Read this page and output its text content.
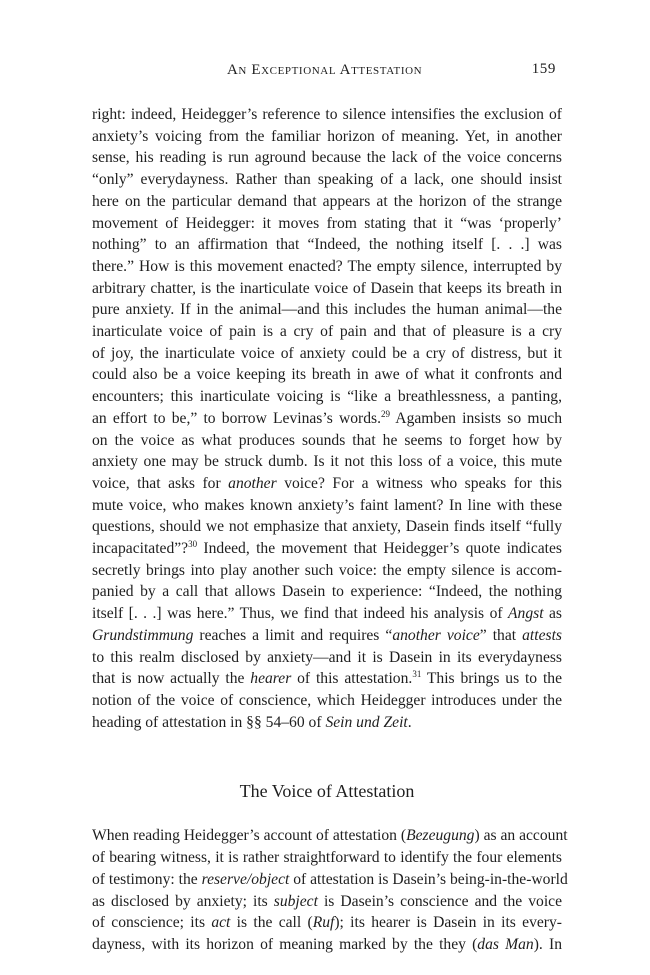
An Exceptional Attestation	159
right: indeed, Heidegger’s reference to silence intensifies the exclusion of
anxiety’s voicing from the familiar horizon of meaning. Yet, in another
sense, his reading is run aground because the lack of the voice concerns
“only” everydayness. Rather than speaking of a lack, one should insist
here on the particular demand that appears at the horizon of the strange
movement of Heidegger: it moves from stating that it “was ‘properly’
nothing” to an affirmation that “Indeed, the nothing itself [. . .] was
there.” How is this movement enacted? The empty silence, interrupted by
arbitrary chatter, is the inarticulate voice of Dasein that keeps its breath in
pure anxiety. If in the animal—and this includes the human animal—the
inarticulate voice of pain is a cry of pain and that of pleasure is a cry
of joy, the inarticulate voice of anxiety could be a cry of distress, but it
could also be a voice keeping its breath in awe of what it confronts and
encounters; this inarticulate voicing is “like a breathlessness, a panting,
an effort to be,” to borrow Levinas’s words.$^{29}$ Agamben insists so much
on the voice as what produces sounds that he seems to forget how by
anxiety one may be struck dumb. Is it not this loss of a voice, this mute
voice, that asks for another voice? For a witness who speaks for this
mute voice, who makes known anxiety’s faint lament? In line with these
questions, should we not emphasize that anxiety, Dasein finds itself “fully
incapacitated”?$^{30}$ Indeed, the movement that Heidegger’s quote indicates
secretly brings into play another such voice: the empty silence is accom-
panied by a call that allows Dasein to experience: “Indeed, the nothing
itself [. . .] was here.” Thus, we find that indeed his analysis of Angst as
Grundstimmung reaches a limit and requires “another voice” that attests
to this realm disclosed by anxiety—and it is Dasein in its everydayness
that is now actually the hearer of this attestation.$^{31}$ This brings us to the
notion of the voice of conscience, which Heidegger introduces under the
heading of attestation in §§ 54–60 of Sein und Zeit.
The Voice of Attestation
When reading Heidegger’s account of attestation (Bezeugung) as an account
of bearing witness, it is rather straightforward to identify the four elements
of testimony: the reserve/object of attestation is Dasein’s being-in-the-world
as disclosed by anxiety; its subject is Dasein’s conscience and the voice
of conscience; its act is the call (Ruf); its hearer is Dasein in its every-
dayness, with its horizon of meaning marked by the they (das Man). In
